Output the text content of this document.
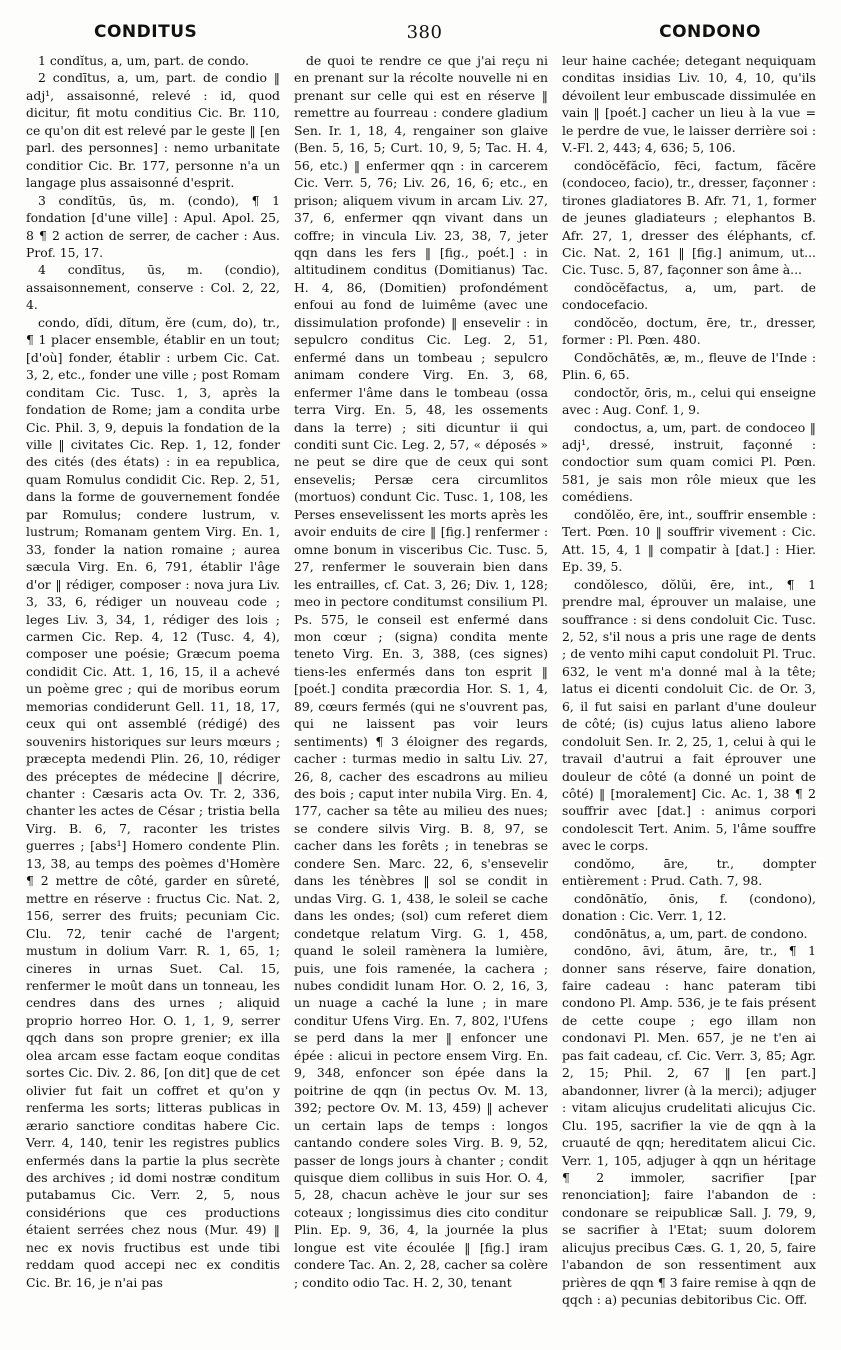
CONDITUS	380	CONDONO

1 condĭtus, a, um, part. de condo.

2 condītus, a, um, part. de condio ‖ adj¹, assaisonné, relevé : id, quod dicitur, fit motu conditius Cic. Br. 110, ce qu'on dit est relevé par le geste ‖ [en parl. des personnes] : nemo urbanitate conditior Cic. Br. 177, personne n'a un langage plus assaisonné d'esprit.

3 condĭtūs, ūs, m. (condo), ¶ 1 fondation [d'une ville] : Apul. Apol. 25, 8 ¶ 2 action de serrer, de cacher : Aus. Prof. 15, 17.

4 condītus, ūs, m. (condio), assaisonnement, conserve : Col. 2, 22, 4.

condo, dĭdi, dĭtum, ĕre (cum, do), tr., ¶ 1 placer ensemble, établir en un tout; [d'où] fonder, établir : urbem Cic. Cat. 3, 2, etc., fonder une ville ; post Romam conditam Cic. Tusc. 1, 3, après la fondation de Rome; jam a condita urbe Cic. Phil. 3, 9, depuis la fondation de la ville ‖ civitates Cic. Rep. 1, 12, fonder des cités (des états) : in ea republica, quam Romulus condidit Cic. Rep. 2, 51, dans la forme de gouvernement fondée par Romulus; condere lustrum, v. lustrum; Romanam gentem Virg. En. 1, 33, fonder la nation romaine ; aurea sæcula Virg. En. 6, 791, établir l'âge d'or ‖ rédiger, composer : nova jura Liv. 3, 33, 6, rédiger un nouveau code ; leges Liv. 3, 34, 1, rédiger des lois ; carmen Cic. Rep. 4, 12 (Tusc. 4, 4), composer une poésie; Græcum poema condidit Cic. Att. 1, 16, 15, il a achevé un poème grec ; qui de moribus eorum memorias condiderunt Gell. 11, 18, 17, ceux qui ont assemblé (rédigé) des souvenirs historiques sur leurs mœurs ; præcepta medendi Plin. 26, 10, rédiger des préceptes de médecine ‖ décrire, chanter : Cæsaris acta Ov. Tr. 2, 336, chanter les actes de César ; tristia bella Virg. B. 6, 7, raconter les tristes guerres ; [abs¹] Homero condente Plin. 13, 38, au temps des poèmes d'Homère ¶ 2 mettre de côté, garder en sûreté, mettre en réserve : fructus Cic. Nat. 2, 156, serrer des fruits; pecuniam Cic. Clu. 72, tenir caché de l'argent; mustum in dolium Varr. R. 1, 65, 1; cineres in urnas Suet. Cal. 15, renfermer le moût dans un tonneau, les cendres dans des urnes ; aliquid proprio horreo Hor. O. 1, 1, 9, serrer qqch dans son propre grenier; ex illa olea arcam esse factam eoque conditas sortes Cic. Div. 2. 86, [on dit] que de cet olivier fut fait un coffret et qu'on y renferma les sorts; litteras publicas in ærario sanctiore conditas habere Cic. Verr. 4, 140, tenir les registres publics enfermés dans la partie la plus secrète des archives ; id domi nostræ conditum putabamus Cic. Verr. 2, 5, nous considérions que ces productions étaient serrées chez nous (Mur. 49) ‖ nec ex novis fructibus est unde tibi reddam quod accepi nec ex conditis Cic. Br. 16, je n'ai pas

de quoi te rendre ce que j'ai reçu ni en prenant sur la récolte nouvelle ni en prenant sur celle qui est en réserve ‖ remettre au fourreau : condere gladium Sen. Ir. 1, 18, 4, rengainer son glaive (Ben. 5, 16, 5; Curt. 10, 9, 5; Tac. H. 4, 56, etc.) ‖ enfermer qqn : in carcerem Cic. Verr. 5, 76; Liv. 26, 16, 6; etc., en prison; aliquem vivum in arcam Liv. 27, 37, 6, enfermer qqn vivant dans un coffre; in vincula Liv. 23, 38, 7, jeter qqn dans les fers ‖ [fig., poét.] : in altitudinem conditus (Domitianus) Tac. H. 4, 86, (Domitien) profondément enfoui au fond de luimême (avec une dissimulation profonde) ‖ ensevelir : in sepulcro conditus Cic. Leg. 2, 51, enfermé dans un tombeau ; sepulcro animam condere Virg. En. 3, 68, enfermer l'âme dans le tombeau (ossa terra Virg. En. 5, 48, les ossements dans la terre) ; siti dicuntur ii qui conditi sunt Cic. Leg. 2, 57, « déposés » ne peut se dire que de ceux qui sont ensevelis; Persæ cera circumlitos (mortuos) condunt Cic. Tusc. 1, 108, les Perses ensevelissent les morts après les avoir enduits de cire ‖ [fig.] renfermer : omne bonum in visceribus Cic. Tusc. 5, 27, renfermer le souverain bien dans les entrailles, cf. Cat. 3, 26; Div. 1, 128; meo in pectore conditumst consilium Pl. Ps. 575, le conseil est enfermé dans mon cœur ; (signa) condita mente teneto Virg. En. 3, 388, (ces signes) tiens-les enfermés dans ton esprit ‖ [poét.] condita præcordia Hor. S. 1, 4, 89, cœurs fermés (qui ne s'ouvrent pas, qui ne laissent pas voir leurs sentiments) ¶ 3 éloigner des regards, cacher : turmas medio in saltu Liv. 27, 26, 8, cacher des escadrons au milieu des bois ; caput inter nubila Virg. En. 4, 177, cacher sa tête au milieu des nues; se condere silvis Virg. B. 8, 97, se cacher dans les forêts ; in tenebras se condere Sen. Marc. 22, 6, s'ensevelir dans les ténèbres ‖ sol se condit in undas Virg. G. 1, 438, le soleil se cache dans les ondes; (sol) cum referet diem condetque relatum Virg. G. 1, 458, quand le soleil ramènera la lumière, puis, une fois ramenée, la cachera ; nubes condidit lunam Hor. O. 2, 16, 3, un nuage a caché la lune ; in mare conditur Ufens Virg. En. 7, 802, l'Ufens se perd dans la mer ‖ enfoncer une épée : alicui in pectore ensem Virg. En. 9, 348, enfoncer son épée dans la poitrine de qqn (in pectus Ov. M. 13, 392; pectore Ov. M. 13, 459) ‖ achever un certain laps de temps : longos cantando condere soles Virg. B. 9, 52, passer de longs jours à chanter ; condit quisque diem collibus in suis Hor. O. 4, 5, 28, chacun achève le jour sur ses coteaux ; longissimus dies cito conditur Plin. Ep. 9, 36, 4, la journée la plus longue est vite écoulée ‖ [fig.] iram condere Tac. An. 2, 28, cacher sa colère ; condito odio Tac. H. 2, 30, tenant

leur haine cachée; detegant nequiquam conditas insidias Liv. 10, 4, 10, qu'ils dévoilent leur embuscade dissimulée en vain ‖ [poét.] cacher un lieu à la vue = le perdre de vue, le laisser derrière soi : V.-Fl. 2, 443; 4, 636; 5, 106.

condŏcĕfăcĭo, fēci, factum, făcĕre (condoceo, facio), tr., dresser, façonner : tirones gladiatores B. Afr. 71, 1, former de jeunes gladiateurs ; elephantos B. Afr. 27, 1, dresser des éléphants, cf. Cic. Nat. 2, 161 ‖ [fig.] animum, ut... Cic. Tusc. 5, 87, façonner son âme à...

condŏcĕfactus, a, um, part. de condocefacio.

condŏcĕo, doctum, ēre, tr., dresser, former : Pl. Pœn. 480.

Condŏchātēs, æ, m., fleuve de l'Inde : Plin. 6, 65.

condoctŏr, ōris, m., celui qui enseigne avec : Aug. Conf. 1, 9.

condoctus, a, um, part. de condoceo ‖ adj¹, dressé, instruit, façonné : condoctior sum quam comici Pl. Pœn. 581, je sais mon rôle mieux que les comédiens.

condŏlĕo, ēre, int., souffrir ensemble : Tert. Pœn. 10 ‖ souffrir vivement : Cic. Att. 15, 4, 1 ‖ compatir à [dat.] : Hier. Ep. 39, 5.

condŏlesco, dŏlŭi, ēre, int., ¶ 1 prendre mal, éprouver un malaise, une souffrance : si dens condoluit Cic. Tusc. 2, 52, s'il nous a pris une rage de dents ; de vento mihi caput condoluit Pl. Truc. 632, le vent m'a donné mal à la tête; latus ei dicenti condoluit Cic. de Or. 3, 6, il fut saisi en parlant d'une douleur de côté; (is) cujus latus alieno labore condoluit Sen. Ir. 2, 25, 1, celui à qui le travail d'autrui a fait éprouver une douleur de côté (a donné un point de côté) ‖ [moralement] Cic. Ac. 1, 38 ¶ 2 souffrir avec [dat.] : animus corpori condolescit Tert. Anim. 5, l'âme souffre avec le corps.

condŏmo, āre, tr., dompter entièrement : Prud. Cath. 7, 98.

condōnātĭo, ōnis, f. (condono), donation : Cic. Verr. 1, 12.

condōnātus, a, um, part. de condono.

condōno, āvi, ātum, āre, tr., ¶ 1 donner sans réserve, faire donation, faire cadeau : hanc pateram tibi condono Pl. Amp. 536, je te fais présent de cette coupe ; ego illam non condonavi Pl. Men. 657, je ne t'en ai pas fait cadeau, cf. Cic. Verr. 3, 85; Agr. 2, 15; Phil. 2, 67 ‖ [en part.] abandonner, livrer (à la merci); adjuger : vitam alicujus crudelitati alicujus Cic. Clu. 195, sacrifier la vie de qqn à la cruauté de qqn; hereditatem alicui Cic. Verr. 1, 105, adjuger à qqn un héritage ¶ 2 immoler, sacrifier [par renonciation]; faire l'abandon de : condonare se reipublicæ Sall. J. 79, 9, se sacrifier à l'Etat; suum dolorem alicujus precibus Cæs. G. 1, 20, 5, faire l'abandon de son ressentiment aux prières de qqn ¶ 3 faire remise à qqn de qqch : a) pecunias debitoribus Cic. Off.
